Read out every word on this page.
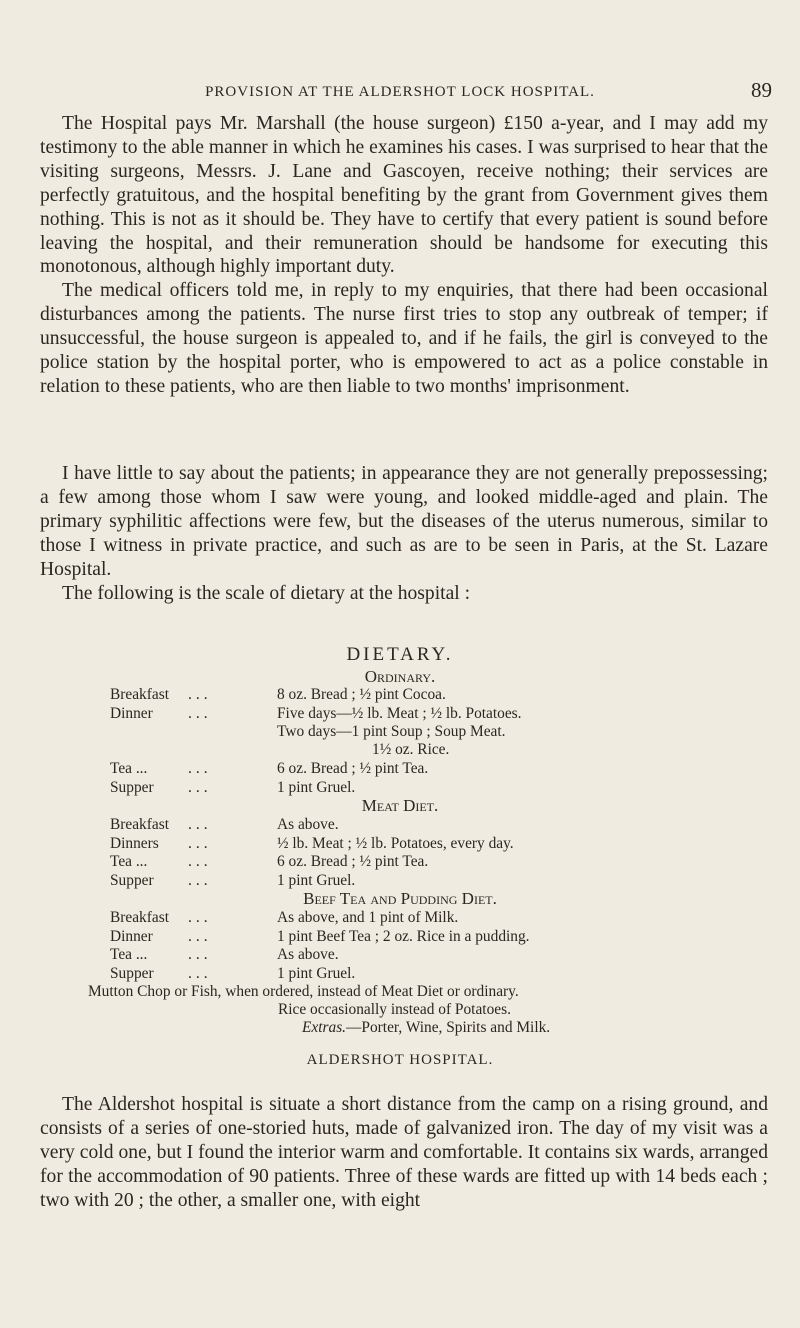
PROVISION AT THE ALDERSHOT LOCK HOSPITAL.	89

The Hospital pays Mr. Marshall (the house surgeon) £150 a-year, and I may add my testimony to the able manner in which he examines his cases. I was surprised to hear that the visiting surgeons, Messrs. J. Lane and Gascoyen, receive nothing; their services are perfectly gratuitous, and the hospital benefiting by the grant from Government gives them nothing. This is not as it should be. They have to certify that every patient is sound before leaving the hospital, and their remuneration should be handsome for executing this monotonous, although highly important duty.

The medical officers told me, in reply to my enquiries, that there had been occasional disturbances among the patients. The nurse first tries to stop any outbreak of temper; if unsuccessful, the house surgeon is appealed to, and if he fails, the girl is conveyed to the police station by the hospital porter, who is empowered to act as a police constable in relation to these patients, who are then liable to two months' imprisonment.

I have little to say about the patients; in appearance they are not generally prepossessing; a few among those whom I saw were young, and looked middle-aged and plain. The primary syphilitic affections were few, but the diseases of the uterus numerous, similar to those I witness in private practice, and such as are to be seen in Paris, at the St. Lazare Hospital.

The following is the scale of dietary at the hospital :

DIETARY.
Ordinary.
Breakfast ...	8 oz. Bread ; ½ pint Cocoa.
Dinner ...	Five days—½ lb. Meat ; ½ lb. Potatoes.
Two days—1 pint Soup ; Soup Meat.
1½ oz. Rice.
Tea ...	...	6 oz. Bread ; ½ pint Tea.
Supper ...	1 pint Gruel.
Meat Diet.
Breakfast ...	As above.
Dinners ...	½ lb. Meat ; ½ lb. Potatoes, every day.
Tea ...	...	6 oz. Bread ; ½ pint Tea.
Supper ...	1 pint Gruel.
Beef Tea and Pudding Diet.
Breakfast ...	As above, and 1 pint of Milk.
Dinner ...	1 pint Beef Tea ; 2 oz. Rice in a pudding.
Tea ...	...	As above.
Supper ...	1 pint Gruel.
Mutton Chop or Fish, when ordered, instead of Meat Diet or ordinary.
Rice occasionally instead of Potatoes.
Extras.—Porter, Wine, Spirits and Milk.
ALDERSHOT HOSPITAL.

The Aldershot hospital is situate a short distance from the camp on a rising ground, and consists of a series of one-storied huts, made of galvanized iron. The day of my visit was a very cold one, but I found the interior warm and comfortable. It contains six wards, arranged for the accommodation of 90 patients. Three of these wards are fitted up with 14 beds each ; two with 20 ; the other, a smaller one, with eight
